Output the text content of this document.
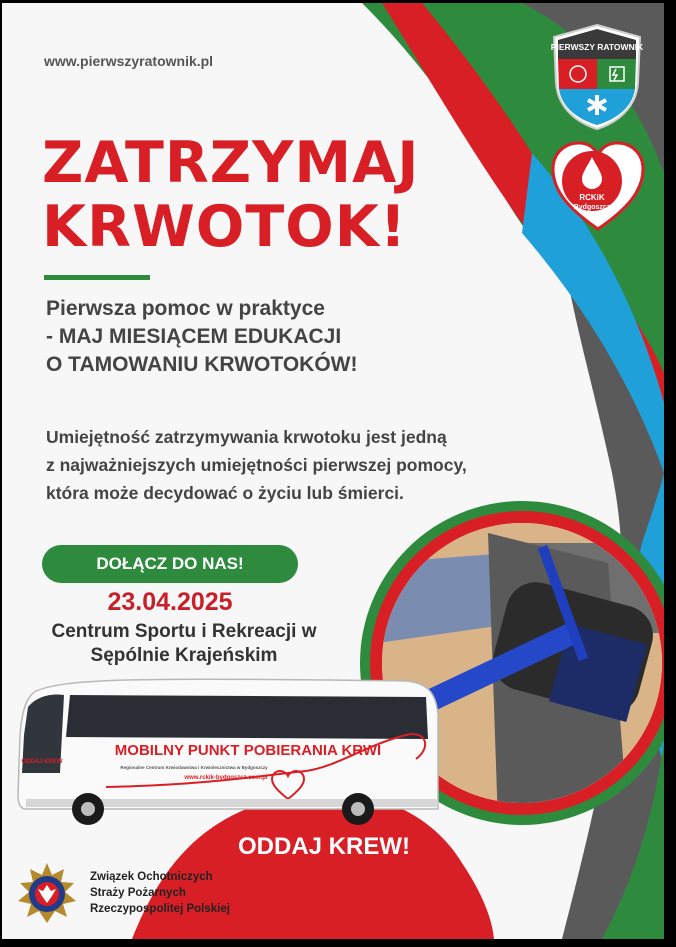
www.pierwszyratownik.pl
PIERWSZY RATOWNIK
RCKiK
Bydgoszcz
ZATRZYMAJ
KRWOTOK!
Pierwsza pomoc w praktyce
- MAJ MIESIĄCEM EDUKACJI
O TAMOWANIU KRWOTOKÓW!
Umiejętność zatrzymywania krwotoku jest jedną
z najważniejszych umiejętności pierwszej pomocy,
która może decydować o życiu lub śmierci.
DOŁĄCZ DO NAS!
23.04.2025
Centrum Sportu i Rekreacji w
Sępólnie Krajeńskim
ODDAJ KREW
MOBILNY PUNKT POBIERANIA KRWI
Regionalne Centrum Krwiodawstwa i Krwiolecznictwa w Bydgoszczy
www.rckik-bydgoszcz.com.pl
ODDAJ KREW!
Związek Ochotniczych
Straży Pożarnych
Rzeczypospolitej Polskiej
